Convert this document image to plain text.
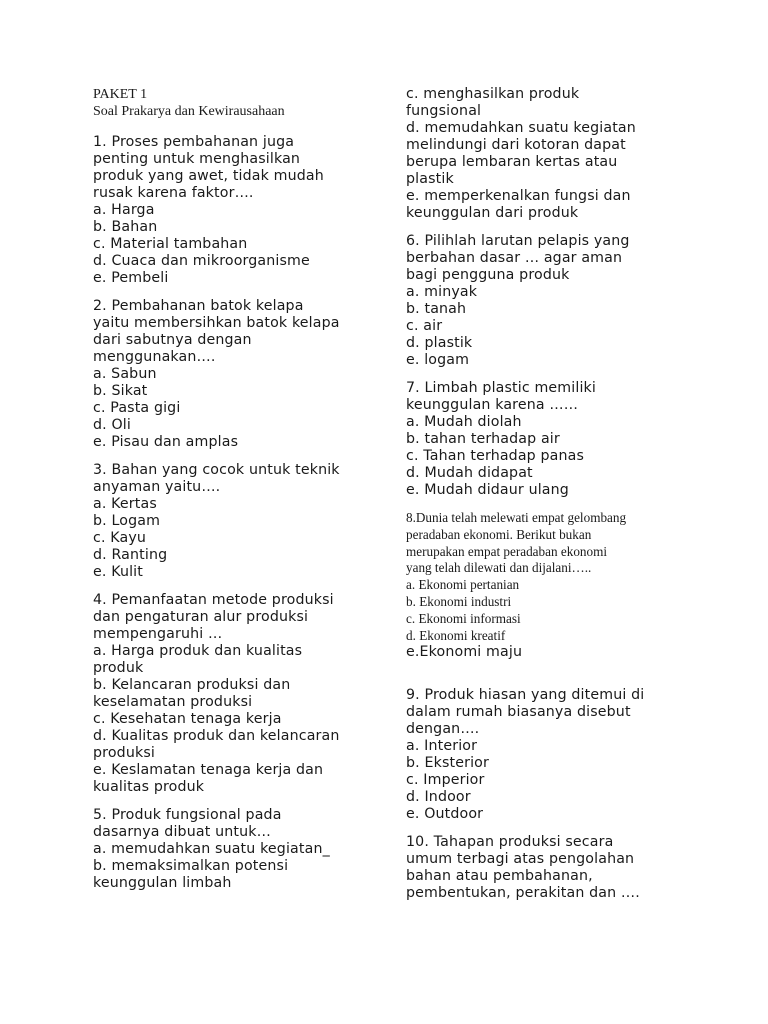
PAKET 1
Soal Prakarya dan Kewirausahaan
1. Proses pembahanan juga
penting untuk menghasilkan
produk yang awet, tidak mudah
rusak karena faktor….
a. Harga
b. Bahan
c. Material tambahan
d. Cuaca dan mikroorganisme
e. Pembeli
2. Pembahanan batok kelapa
yaitu membersihkan batok kelapa
dari sabutnya dengan
menggunakan….
a. Sabun
b. Sikat
c. Pasta gigi
d. Oli
e. Pisau dan amplas
3. Bahan yang cocok untuk teknik
anyaman yaitu….
a. Kertas
b. Logam
c. Kayu
d. Ranting
e. Kulit
4. Pemanfaatan metode produksi
dan pengaturan alur produksi
mempengaruhi …
a. Harga produk dan kualitas
produk
b. Kelancaran produksi dan
keselamatan produksi
c. Kesehatan tenaga kerja
d. Kualitas produk dan kelancaran
produksi
e. Keslamatan tenaga kerja dan
kualitas produk
5. Produk fungsional pada
dasarnya dibuat untuk…
a. memudahkan suatu kegiatan_
b. memaksimalkan potensi
keunggulan limbah
c. menghasilkan produk
fungsional
d. memudahkan suatu kegiatan
melindungi dari kotoran dapat
berupa lembaran kertas atau
plastik
e. memperkenalkan fungsi dan
keunggulan dari produk
6. Pilihlah larutan pelapis yang
berbahan dasar … agar aman
bagi pengguna produk
a. minyak
b. tanah
c. air
d. plastik
e. logam
7. Limbah plastic memiliki
keunggulan karena ……
a. Mudah diolah
b. tahan terhadap air
c. Tahan terhadap panas
d. Mudah didapat
e. Mudah didaur ulang
8.Dunia telah melewati empat gelombang
peradaban ekonomi. Berikut bukan
merupakan empat peradaban ekonomi
yang telah dilewati dan dijalani…..
a. Ekonomi pertanian
b. Ekonomi industri
c. Ekonomi informasi
d. Ekonomi kreatif
e.Ekonomi maju
9. Produk hiasan yang ditemui di
dalam rumah biasanya disebut
dengan….
a. Interior
b. Eksterior
c. Imperior
d. Indoor
e. Outdoor
10. Tahapan produksi secara
umum terbagi atas pengolahan
bahan atau pembahanan,
pembentukan, perakitan dan ….
